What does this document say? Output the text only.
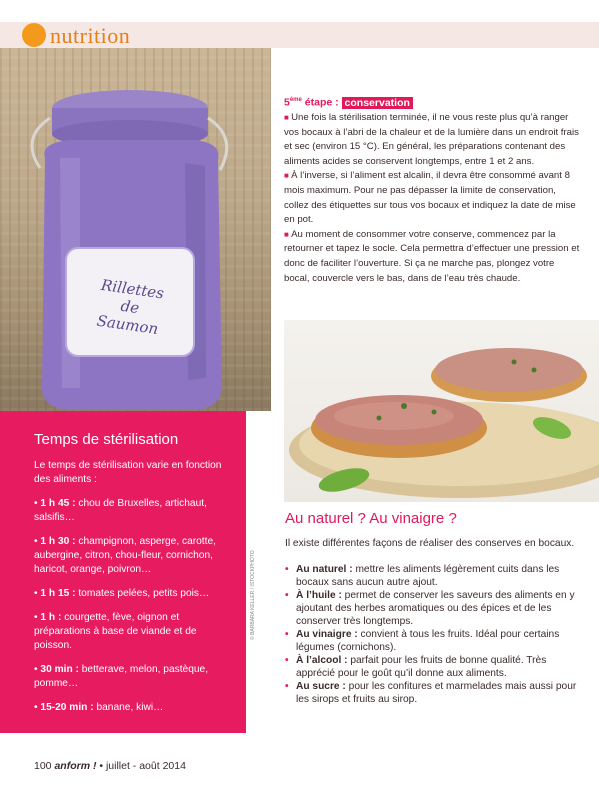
nutrition
Rillettes
de
Saumon
5ème étape : conservation

■ Une fois la stérilisation terminée, il ne vous reste plus qu’à ranger vos bocaux à l’abri de la chaleur et de la lumière dans un endroit frais et sec (environ 15 °C). En général, les préparations contenant des aliments acides se conservent longtemps, entre 1 et 2 ans.

■ À l’inverse, si l’aliment est alcalin, il devra être consommé avant 8 mois maximum. Pour ne pas dépasser la limite de conservation, collez des étiquettes sur tous vos bocaux et indiquez la date de mise en pot.

■ Au moment de consommer votre conserve, commencez par la retourner et tapez le socle. Cela permettra d’effectuer une pression et donc de faciliter l’ouverture. Si ça ne marche pas, plongez votre bocal, couvercle vers le bas, dans de l’eau très chaude.

Temps de stérilisation
Le temps de stérilisation varie en fonction des aliments :
• 1 h 45 : chou de Bruxelles, artichaut, salsifis…
• 1 h 30 : champignon, asperge, carotte, aubergine, citron, chou-fleur, cornichon, haricot, orange, poivron…
• 1 h 15 : tomates pelées, petits pois…
• 1 h : courgette, fève, oignon et préparations à base de viande et de poisson.
• 30 min : betterave, melon, pastèque, pomme…
• 15-20 min : banane, kiwi…
© BARBARA KELLER / ISTOCKPHOTO
Au naturel ? Au vinaigre ?
Il existe différentes façons de réaliser des conserves en bocaux.
• Au naturel : mettre les aliments légèrement cuits dans les bocaux sans aucun autre ajout.
• À l’huile : permet de conserver les saveurs des aliments en y ajoutant des herbes aromatiques ou des épices et de les conserver très longtemps.
• Au vinaigre : convient à tous les fruits. Idéal pour certains légumes (cornichons).
• À l’alcool : parfait pour les fruits de bonne qualité. Très apprécié pour le goût qu’il donne aux aliments.
• Au sucre : pour les confitures et marmelades mais aussi pour les sirops et fruits au sirop.
100 anform ! • juillet - août 2014
